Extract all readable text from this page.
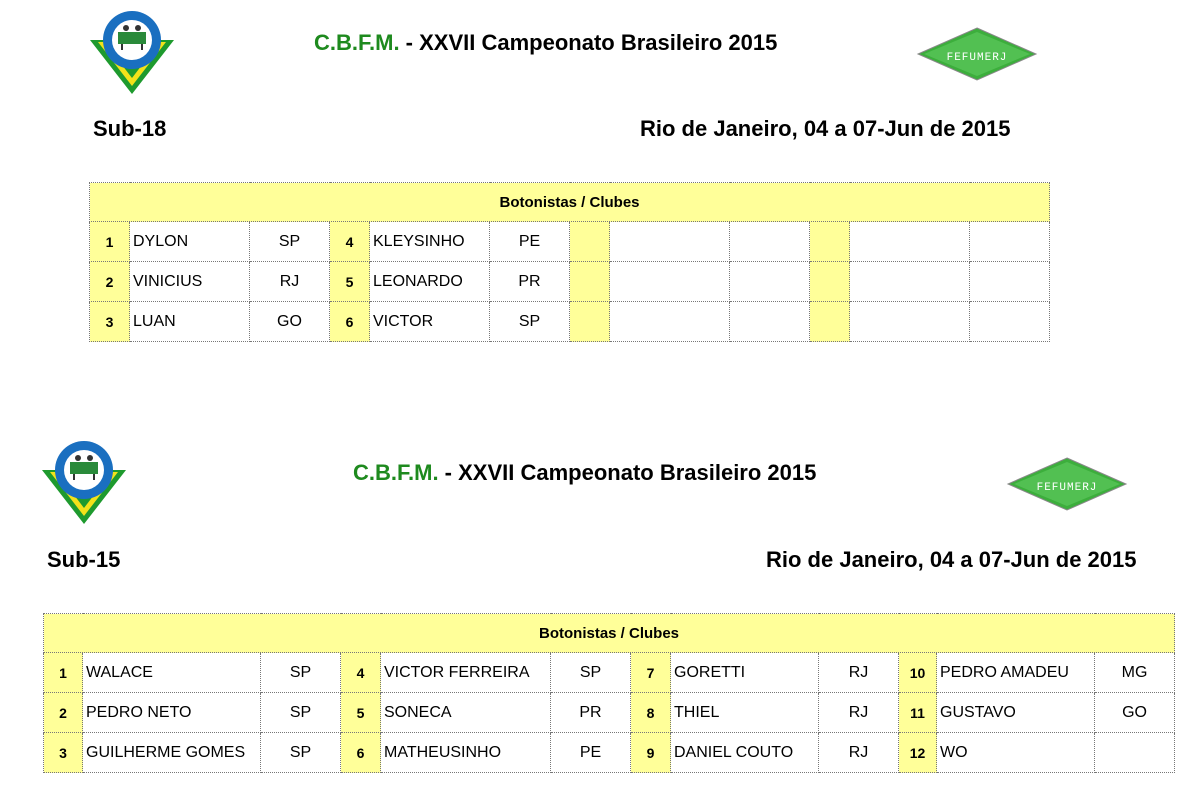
C.B.F.M. - XXVII Campeonato Brasileiro 2015
FEFUMERJ
Sub-18	Rio de Janeiro, 04 a 07-Jun de 2015
Botonistas / Clubes											
1	DYLON	SP	4	KLEYSINHO	PE						
2	VINICIUS	RJ	5	LEONARDO	PR						
3	LUAN	GO	6	VICTOR	SP						
C.B.F.M. - XXVII Campeonato Brasileiro 2015
FEFUMERJ
Sub-15	Rio de Janeiro, 04 a 07-Jun de 2015
Botonistas / Clubes											
1	WALACE	SP	4	VICTOR FERREIRA	SP	7	GORETTI	RJ	10	PEDRO AMADEU	MG
2	PEDRO NETO	SP	5	SONECA	PR	8	THIEL	RJ	11	GUSTAVO	GO
3	GUILHERME GOMES	SP	6	MATHEUSINHO	PE	9	DANIEL COUTO	RJ	12	WO	
